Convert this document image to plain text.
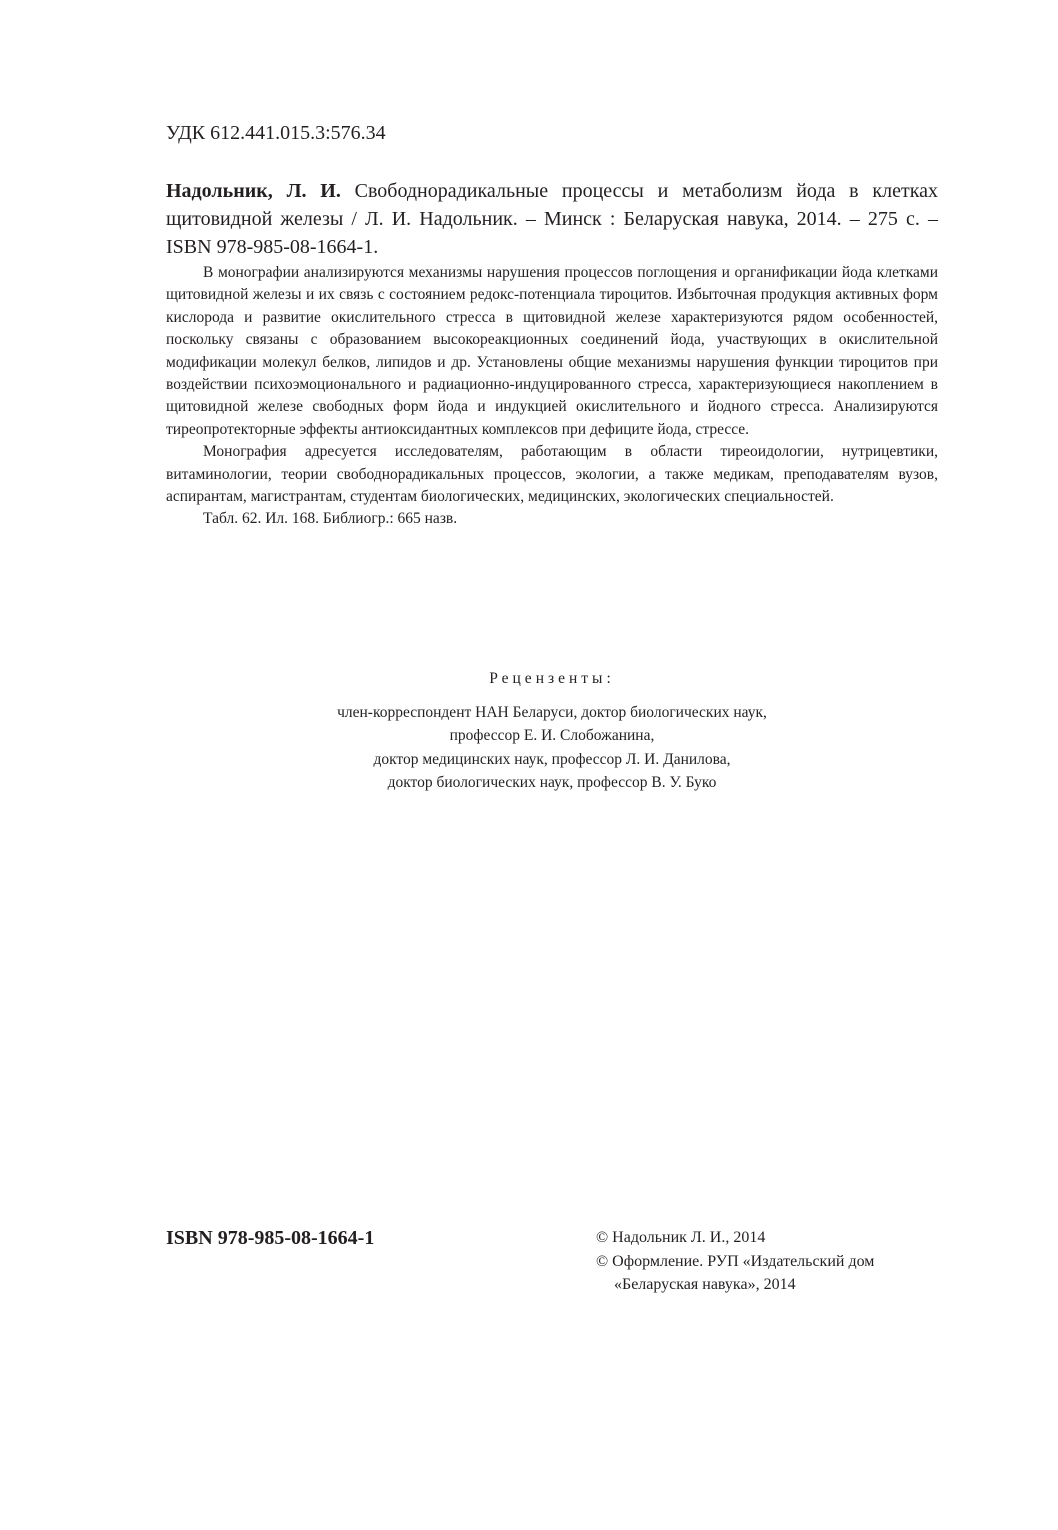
УДК 612.441.015.3:576.34
Надольник, Л. И. Свободнорадикальные процессы и метаболизм йода в клетках щитовидной железы / Л. И. Надольник. – Минск : Беларуская навука, 2014. – 275 с. – ISBN 978-985-08-1664-1.

В монографии анализируются механизмы нарушения процессов поглощения и органификации йода клетками щитовидной железы и их связь с состоянием редокс-потенциала тироцитов. Избыточная продукция активных форм кислорода и развитие окислительного стресса в щитовидной железе характеризуются рядом особенностей, поскольку связаны с образованием высокореакционных соединений йода, участвующих в окислительной модификации молекул белков, липидов и др. Установлены общие механизмы нарушения функции тироцитов при воздействии психоэмоционального и радиационно-индуцированного стресса, характеризующиеся накоплением в щитовидной железе свободных форм йода и индукцией окислительного и йодного стресса. Анализируются тиреопротекторные эффекты антиоксидантных комплексов при дефиците йода, стрессе.

Монография адресуется исследователям, работающим в области тиреоидологии, нутрицевтики, витаминологии, теории свободнорадикальных процессов, экологии, а также медикам, преподавателям вузов, аспирантам, магистрантам, студентам биологических, медицинских, экологических специальностей.

Табл. 62. Ил. 168. Библиогр.: 665 назв.

Рецензенты:
член-корреспондент НАН Беларуси, доктор биологических наук,
профессор Е. И. Слобожанина,
доктор медицинских наук, профессор Л. И. Данилова,
доктор биологических наук, профессор В. У. Буко
ISBN 978-985-08-1664-1	© Надольник Л. И., 2014
© Оформление. РУП «Издательский дом
«Беларуская навука», 2014
